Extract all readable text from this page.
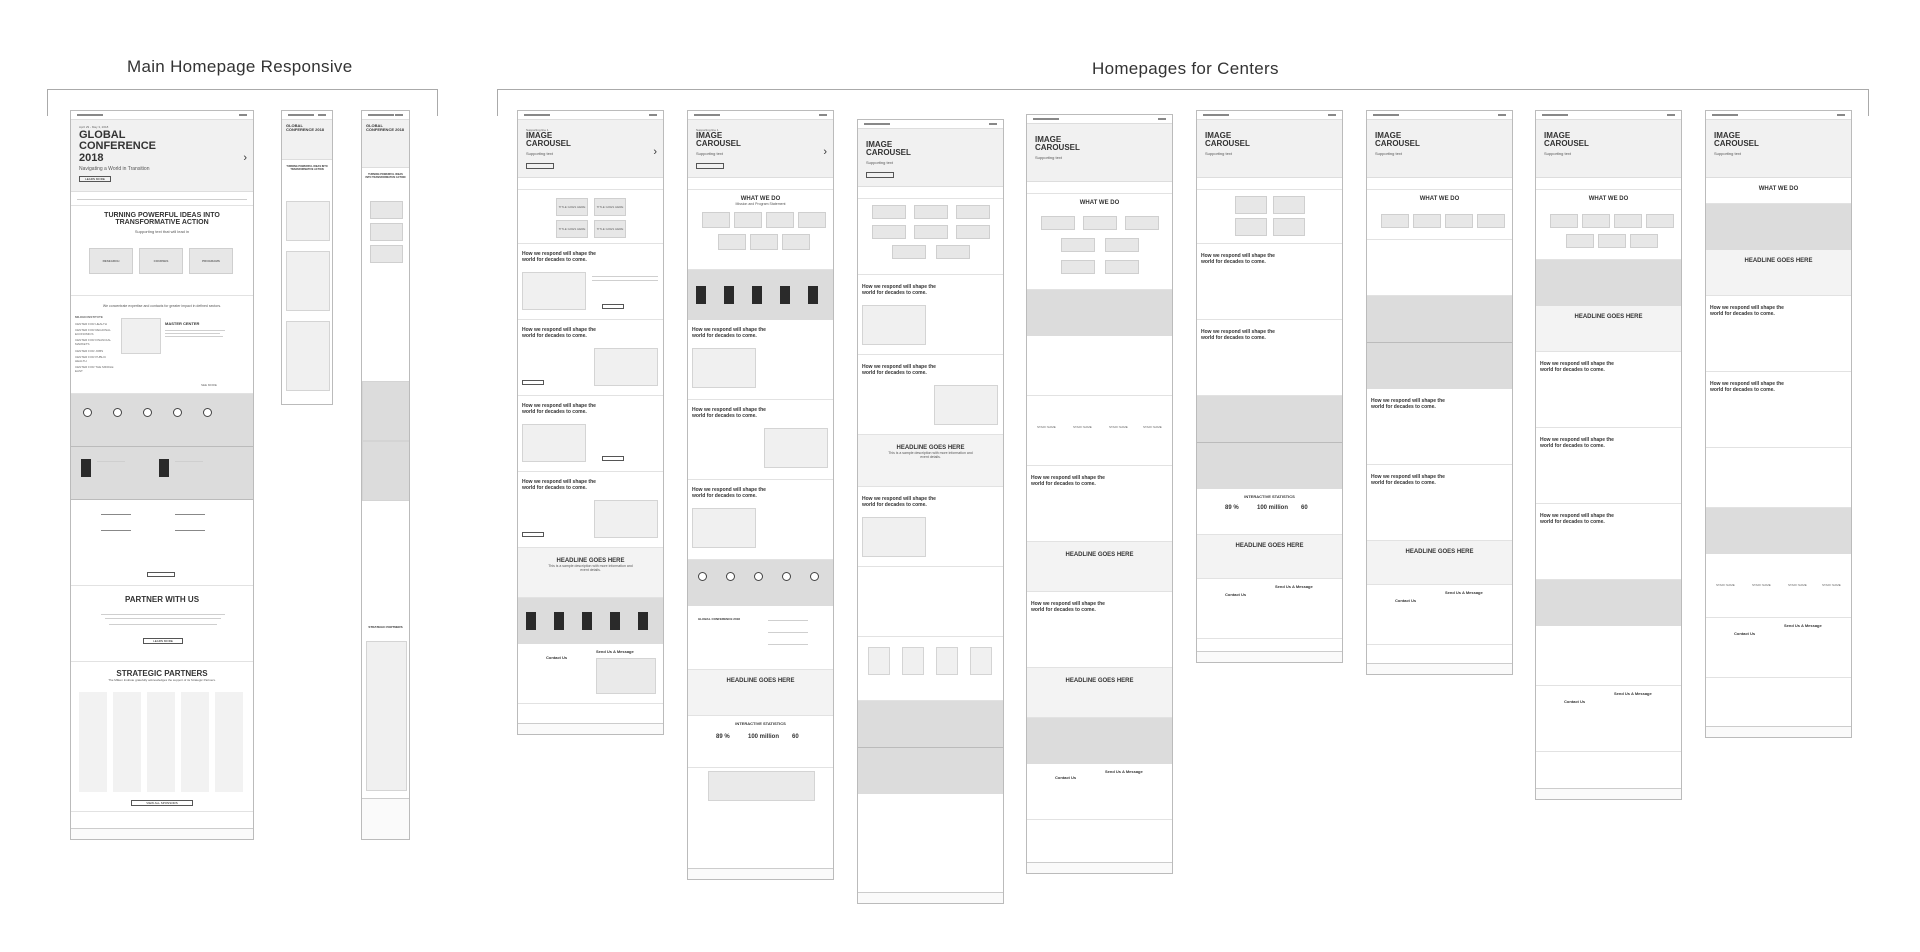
Main Homepage Responsive	Homepages for Centers
April 29 - May 3, 2018
GLOBAL CONFERENCE 2018
Navigating a World in Transition
LEARN MORE
›
TURNING POWERFUL IDEAS INTO TRANSFORMATIVE ACTION
Supporting text that will lead in
RESEARCH	COURSES	PROGRAMS
We concentrate expertise and contacts for greater impact in defined sectors.
MILKEN INSTITUTE
CENTER FOR HEALTH
CENTER FOR REGIONAL ECONOMICS
CENTER FOR FINANCIAL MARKETS
CENTER FOR JOBS
CENTER FOR PUBLIC HEALTH
CENTER FOR THE MIDDLE EAST
MASTER CENTER
SEE MORE
PARTNER WITH US
LEARN MORE
STRATEGIC PARTNERS
The Milken Institute gratefully acknowledges the support of its Strategic Partners.
VIEW ALL SPONSORS
GLOBAL CONFERENCE 2018
TURNING POWERFUL IDEAS INTO TRANSFORMATIVE ACTION
GLOBAL CONFERENCE 2018
TURNING POWERFUL IDEAS INTO TRANSFORMATIVE ACTION
STRATEGIC PARTNERS
Supporting line 1
IMAGE CAROUSEL
Supporting text	›
TITLE GOES HERE	TITLE GOES HERE
TITLE GOES HERE	TITLE GOES HERE
How we respond will shape the world for decades to come.
How we respond will shape the world for decades to come.
How we respond will shape the world for decades to come.
How we respond will shape the world for decades to come.
HEADLINE GOES HERE
This is a sample description with more information and event details.
Contact Us
Send Us A Message
Supporting line 1
IMAGE CAROUSEL
Supporting text	›
WHAT WE DO
Mission and Program Statement
How we respond will shape the world for decades to come.
How we respond will shape the world for decades to come.
How we respond will shape the world for decades to come.
GLOBAL CONFERENCE 2018
HEADLINE GOES HERE
INTERACTIVE STATISTICS
89 %	100 million 60
IMAGE CAROUSEL
Supporting text
How we respond will shape the world for decades to come.
How we respond will shape the world for decades to come.
HEADLINE GOES HERE
This is a sample description with more information and event details.
How we respond will shape the world for decades to come.
IMAGE CAROUSEL
Supporting text
WHAT WE DO
STAFF NAME	STAFF NAME	STAFF NAME	STAFF NAME
How we respond will shape the world for decades to come.
HEADLINE GOES HERE
How we respond will shape the world for decades to come.
HEADLINE GOES HERE
Contact Us
Send Us A Message
IMAGE CAROUSEL
Supporting text
How we respond will shape the world for decades to come.
How we respond will shape the world for decades to come.
INTERACTIVE STATISTICS
89 %	100 million 60
HEADLINE GOES HERE
Contact Us
Send Us A Message
IMAGE CAROUSEL
Supporting text
WHAT WE DO
How we respond will shape the world for decades to come.
How we respond will shape the world for decades to come.
HEADLINE GOES HERE
Contact Us
Send Us A Message
IMAGE CAROUSEL
Supporting text
WHAT WE DO
HEADLINE GOES HERE
How we respond will shape the world for decades to come.
How we respond will shape the world for decades to come.
How we respond will shape the world for decades to come.
Contact Us
Send Us A Message
IMAGE CAROUSEL
Supporting text
WHAT WE DO
HEADLINE GOES HERE
How we respond will shape the world for decades to come.
How we respond will shape the world for decades to come.
STAFF NAME	STAFF NAME	STAFF NAME	STAFF NAME
Contact Us
Send Us A Message
